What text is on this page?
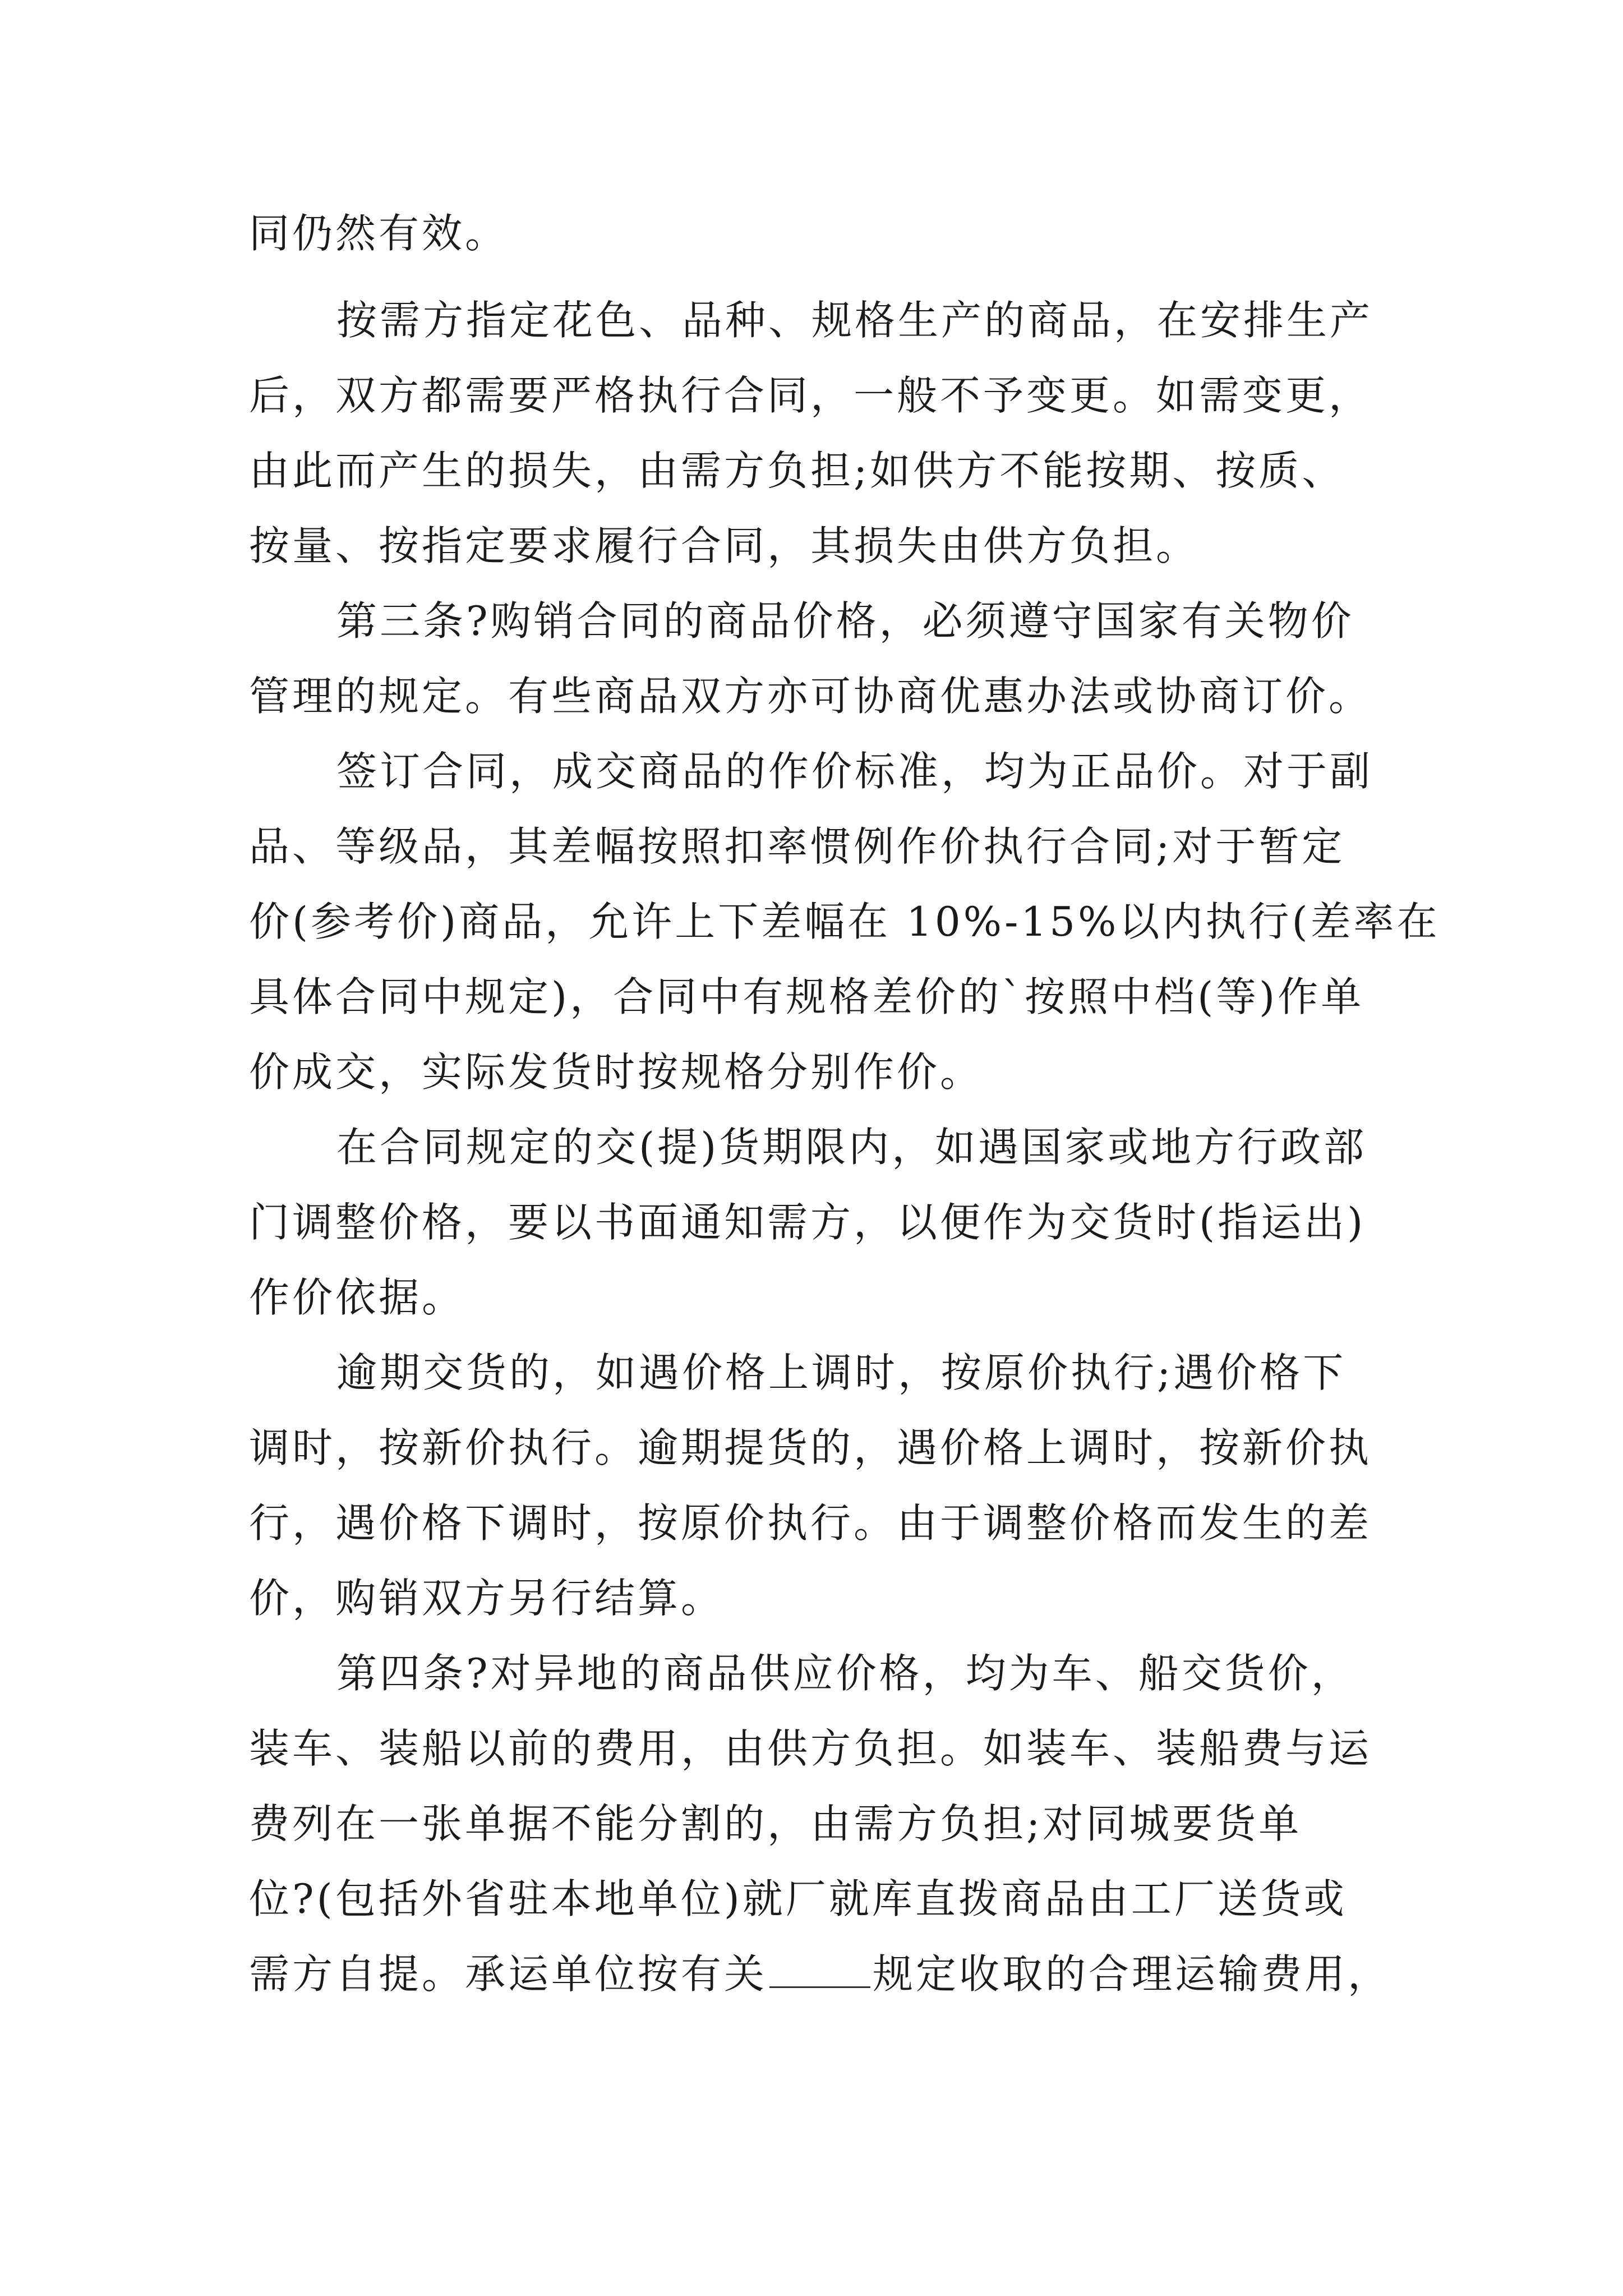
同仍然有效。
按需方指定花色、品种、规格生产的商品，在安排生产
后，双方都需要严格执行合同，一般不予变更。如需变更，
由此而产生的损失，由需方负担;如供方不能按期、按质、
按量、按指定要求履行合同，其损失由供方负担。
第三条?购销合同的商品价格，必须遵守国家有关物价
管理的规定。有些商品双方亦可协商优惠办法或协商订价。
签订合同，成交商品的作价标准，均为正品价。对于副
品、等级品，其差幅按照扣率惯例作价执行合同;对于暂定
价(参考价)商品，允许上下差幅在 10%-15%以内执行(差率在
具体合同中规定)，合同中有规格差价的`按照中档(等)作单
价成交，实际发货时按规格分别作价。
在合同规定的交(提)货期限内，如遇国家或地方行政部
门调整价格，要以书面通知需方，以便作为交货时(指运出)
作价依据。
逾期交货的，如遇价格上调时，按原价执行;遇价格下
调时，按新价执行。逾期提货的，遇价格上调时，按新价执
行，遇价格下调时，按原价执行。由于调整价格而发生的差
价，购销双方另行结算。
第四条?对异地的商品供应价格，均为车、船交货价，
装车、装船以前的费用，由供方负担。如装车、装船费与运
费列在一张单据不能分割的，由需方负担;对同城要货单
位?(包括外省驻本地单位)就厂就库直拨商品由工厂送货或
需方自提。承运单位按有关	规定收取的合理运输费用，
